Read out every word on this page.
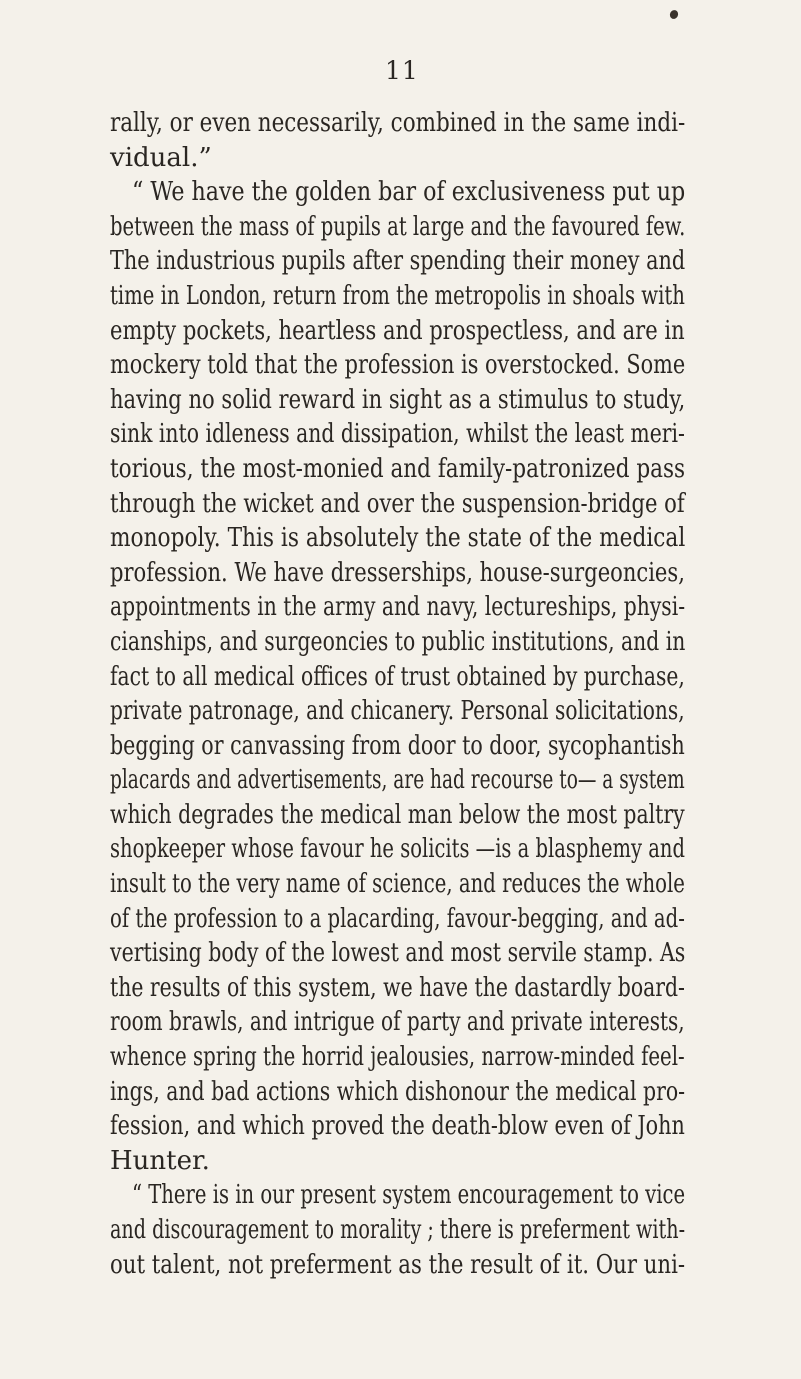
11
rally, or even necessarily, combined in the same indi-
vidual.”
“ We have the golden bar of exclusiveness put up
between the mass of pupils at large and the favoured few.
The industrious pupils after spending their money and
time in London, return from the metropolis in shoals with
empty pockets, heartless and prospectless, and are in
mockery told that the profession is overstocked. Some
having no solid reward in sight as a stimulus to study,
sink into idleness and dissipation, whilst the least meri-
torious, the most-monied and family-patronized pass
through the wicket and over the suspension-bridge of
monopoly. This is absolutely the state of the medical
profession. We have dresserships, house-surgeoncies,
appointments in the army and navy, lectureships, physi-
cianships, and surgeoncies to public institutions, and in
fact to all medical offices of trust obtained by purchase,
private patronage, and chicanery. Personal solicitations,
begging or canvassing from door to door, sycophantish
placards and advertisements, are had recourse to— a system
which degrades the medical man below the most paltry
shopkeeper whose favour he solicits —is a blasphemy and
insult to the very name of science, and reduces the whole
of the profession to a placarding, favour-begging, and ad-
vertising body of the lowest and most servile stamp. As
the results of this system, we have the dastardly board-
room brawls, and intrigue of party and private interests,
whence spring the horrid jealousies, narrow-minded feel-
ings, and bad actions which dishonour the medical pro-
fession, and which proved the death-blow even of John
Hunter.
“ There is in our present system encouragement to vice
and discouragement to morality ; there is preferment with-
out talent, not preferment as the result of it. Our uni-
